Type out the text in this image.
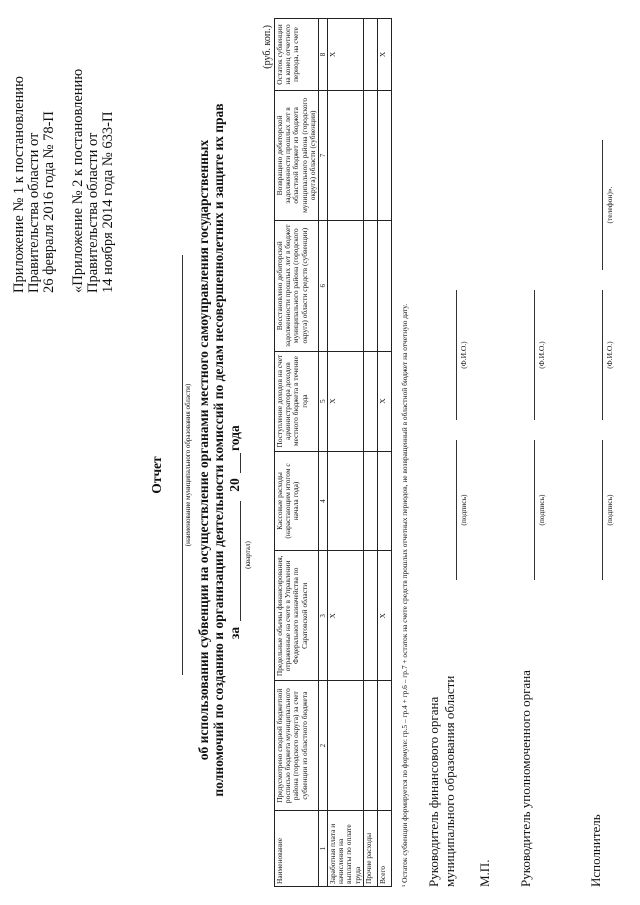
Приложение № 1 к постановлению Правительства области от 26 февраля 2016 года № 78-П «Приложение № 2 к постановлению Правительства области от 14 ноября 2014 года № 633-П
Отчет	(наименование муниципального образования области) об использовании субвенции на осуществление органами местного самоуправления государственных полномочий по созданию и организации деятельности комиссий по делам несовершеннолетних и защите их прав за
20
года
(квартал)
(руб. коп.)
Наименование	Предусмотрено сводной бюджетной росписью бюджета муниципального района (городского округа) за счет субвенции из областного бюджета	Предельные объемы финансирования, отраженные на счете в Управлении Федерального казначейства по Саратовской области	Кассовые расходы (нарастающим итогом с начала года)	Поступление доходов на счет администратора доходов местного бюджета в течение года	Восстановлено дебиторской задолженности прошлых лет в бюджет муниципального района (городского округа) области средств (субвенции)	Возвращено дебиторской задолженности прошлых лет в областной бюджет из бюджета муниципального района (городского округа) области (субвенции)	Остаток субвенции на конец отчетного периода, на счете
1	2	3	4	5	6	7	8
Заработная плата и начисления на выплаты по оплате труда		Х		Х			Х
Прочие расходы							
Всего		Х		Х			Х
¹ Остаток субвенции формируется по формуле: гр.5 – гр.4 + гр.6 – гр.7 + остаток на счете средств прошлых отчетных периодов, не возвращенный в областной бюджет на отчетную дату. Руководитель финансового органа муниципального образования области
(подпись)
(Ф.И.О.)
М.П. Руководитель уполномоченного органа
(подпись)
(Ф.И.О.)
Исполнитель
(подпись)
(Ф.И.О.)
(телефон)».
